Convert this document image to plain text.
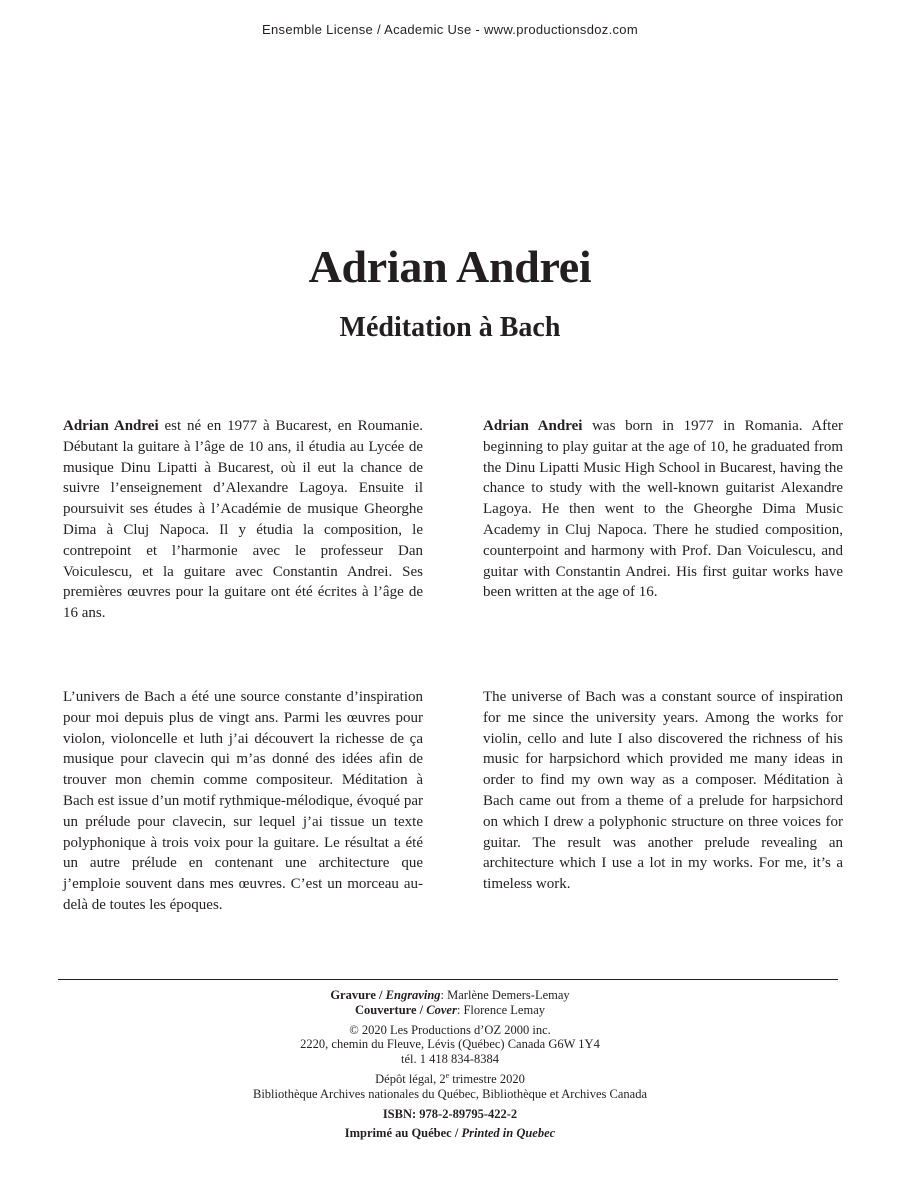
Ensemble License / Academic Use - www.productionsdoz.com
Adrian Andrei
Méditation à Bach
Adrian Andrei est né en 1977 à Bucarest, en Roumanie. Débutant la guitare à l’âge de 10 ans, il étudia au Lycée de musique Dinu Lipatti à Bucarest, où il eut la chance de suivre l’enseignement d’Alexandre Lagoya. Ensuite il poursuivit ses études à l’Académie de musique Gheorghe Dima à Cluj Napoca. Il y étudia la composition, le contrepoint et l’harmonie avec le professeur Dan Voiculescu, et la guitare avec Constantin Andrei. Ses premières œuvres pour la guitare ont été écrites à l’âge de 16 ans.
Adrian Andrei was born in 1977 in Romania. After beginning to play guitar at the age of 10, he graduated from the Dinu Lipatti Music High School in Bucarest, having the chance to study with the well-known guitarist Alexandre Lagoya. He then went to the Gheorghe Dima Music Academy in Cluj Napoca. There he studied composition, counterpoint and harmony with Prof. Dan Voiculescu, and guitar with Constantin Andrei. His first guitar works have been written at the age of 16.
L’univers de Bach a été une source constante d’inspiration pour moi depuis plus de vingt ans. Parmi les œuvres pour violon, violoncelle et luth j’ai découvert la richesse de ça musique pour clavecin qui m’as donné des idées afin de trouver mon chemin comme compositeur. Méditation à Bach est issue d’un motif rythmique-mélodique, évoqué par un prélude pour clavecin, sur lequel j’ai tissue un texte polyphonique à trois voix pour la guitare. Le résultat a été un autre prélude en contenant une architecture que j’emploie souvent dans mes œuvres. C’est un morceau au-delà de toutes les époques.
The universe of Bach was a constant source of inspiration for me since the university years. Among the works for violin, cello and lute I also discovered the richness of his music for harpsichord which provided me many ideas in order to find my own way as a composer. Méditation à Bach came out from a theme of a prelude for harpsichord on which I drew a polyphonic structure on three voices for guitar. The result was another prelude revealing an architecture which I use a lot in my works. For me, it’s a timeless work.
Gravure / Engraving: Marlène Demers-Lemay
Couverture / Cover: Florence Lemay
© 2020 Les Productions d’OZ 2000 inc.
2220, chemin du Fleuve, Lévis (Québec) Canada G6W 1Y4
tél. 1 418 834-8384
Dépôt légal, 2e trimestre 2020
Bibliothèque Archives nationales du Québec, Bibliothèque et Archives Canada
ISBN: 978-2-89795-422-2
Imprimé au Québec / Printed in Quebec
